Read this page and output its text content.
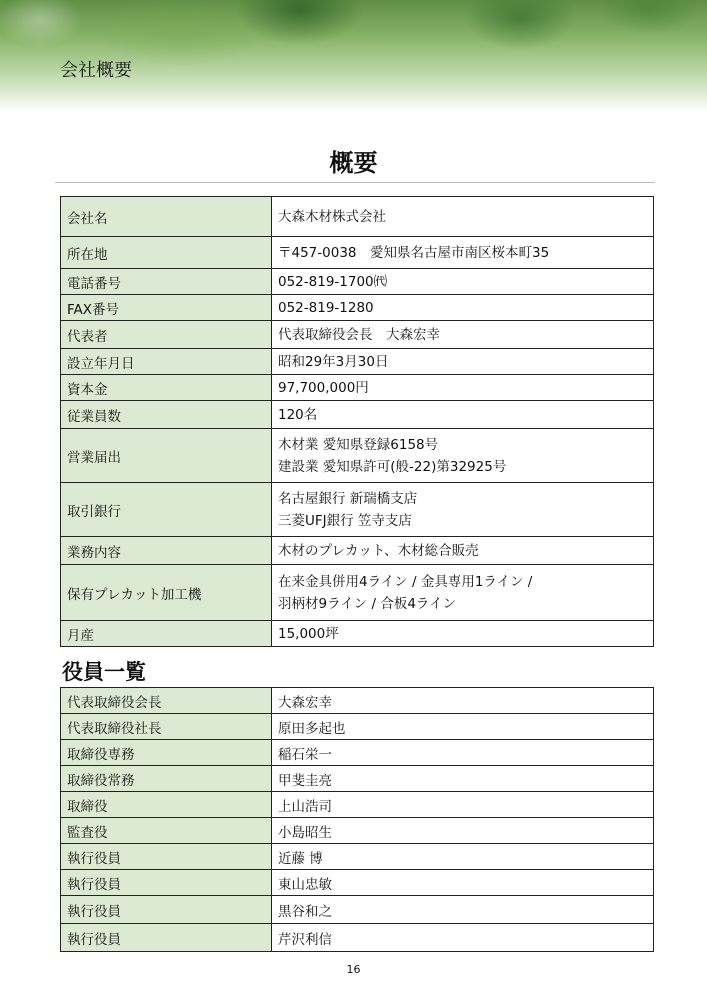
会社概要
概要
会社名	大森木材株式会社

所在地	〒457-0038　愛知県名古屋市南区桜本町35

電話番号	052-819-1700㈹

FAX番号	052-819-1280

代表者	代表取締役会長　大森宏幸

設立年月日	昭和29年3月30日

資本金	97,700,000円

従業員数	120名

営業届出	木材業 愛知県登録6158号
建設業 愛知県許可(般-22)第32925号

取引銀行	名古屋銀行 新瑞橋支店
三菱UFJ銀行 笠寺支店

業務内容	木材のプレカット、木材総合販売

保有プレカット加工機	在来金具併用4ライン / 金具専用1ライン /
羽柄材9ライン / 合板4ライン

月産	15,000坪
役員一覧
代表取締役会長	大森宏幸
代表取締役社長	原田多起也
取締役専務	稲石栄一
取締役常務	甲斐圭亮
取締役	上山浩司
監査役	小島昭生
執行役員	近藤 博
執行役員	東山忠敏
執行役員	黒谷和之
執行役員	芹沢利信
16
